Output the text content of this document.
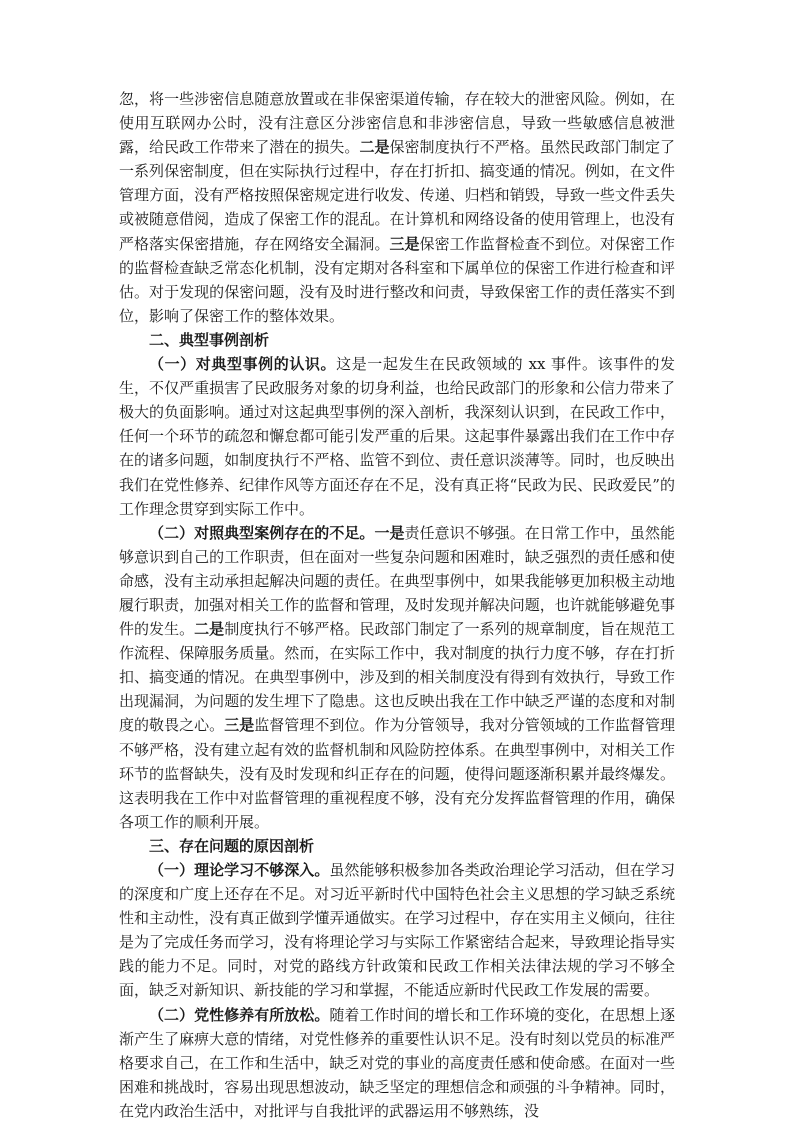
忽，将一些涉密信息随意放置或在非保密渠道传输，存在较大的泄密风险。例如，在使用互联网办公时，没有注意区分涉密信息和非涉密信息，导致一些敏感信息被泄露，给民政工作带来了潜在的损失。二是保密制度执行不严格。虽然民政部门制定了一系列保密制度，但在实际执行过程中，存在打折扣、搞变通的情况。例如，在文件管理方面，没有严格按照保密规定进行收发、传递、归档和销毁，导致一些文件丢失或被随意借阅，造成了保密工作的混乱。在计算机和网络设备的使用管理上，也没有严格落实保密措施，存在网络安全漏洞。三是保密工作监督检查不到位。对保密工作的监督检查缺乏常态化机制，没有定期对各科室和下属单位的保密工作进行检查和评估。对于发现的保密问题，没有及时进行整改和问责，导致保密工作的责任落实不到位，影响了保密工作的整体效果。

二、典型事例剖析

（一）对典型事例的认识。这是一起发生在民政领域的 xx 事件。该事件的发生，不仅严重损害了民政服务对象的切身利益，也给民政部门的形象和公信力带来了极大的负面影响。通过对这起典型事例的深入剖析，我深刻认识到，在民政工作中，任何一个环节的疏忽和懈怠都可能引发严重的后果。这起事件暴露出我们在工作中存在的诸多问题，如制度执行不严格、监管不到位、责任意识淡薄等。同时，也反映出我们在党性修养、纪律作风等方面还存在不足，没有真正将“民政为民、民政爱民”的工作理念贯穿到实际工作中。

（二）对照典型案例存在的不足。一是责任意识不够强。在日常工作中，虽然能够意识到自己的工作职责，但在面对一些复杂问题和困难时，缺乏强烈的责任感和使命感，没有主动承担起解决问题的责任。在典型事例中，如果我能够更加积极主动地履行职责，加强对相关工作的监督和管理，及时发现并解决问题，也许就能够避免事件的发生。二是制度执行不够严格。民政部门制定了一系列的规章制度，旨在规范工作流程、保障服务质量。然而，在实际工作中，我对制度的执行力度不够，存在打折扣、搞变通的情况。在典型事例中，涉及到的相关制度没有得到有效执行，导致工作出现漏洞，为问题的发生埋下了隐患。这也反映出我在工作中缺乏严谨的态度和对制度的敬畏之心。三是监督管理不到位。作为分管领导，我对分管领域的工作监督管理不够严格，没有建立起有效的监督机制和风险防控体系。在典型事例中，对相关工作环节的监督缺失，没有及时发现和纠正存在的问题，使得问题逐渐积累并最终爆发。这表明我在工作中对监督管理的重视程度不够，没有充分发挥监督管理的作用，确保各项工作的顺利开展。

三、存在问题的原因剖析

（一）理论学习不够深入。虽然能够积极参加各类政治理论学习活动，但在学习的深度和广度上还存在不足。对习近平新时代中国特色社会主义思想的学习缺乏系统性和主动性，没有真正做到学懂弄通做实。在学习过程中，存在实用主义倾向，往往是为了完成任务而学习，没有将理论学习与实际工作紧密结合起来，导致理论指导实践的能力不足。同时，对党的路线方针政策和民政工作相关法律法规的学习不够全面，缺乏对新知识、新技能的学习和掌握，不能适应新时代民政工作发展的需要。

（二）党性修养有所放松。随着工作时间的增长和工作环境的变化，在思想上逐渐产生了麻痹大意的情绪，对党性修养的重要性认识不足。没有时刻以党员的标准严格要求自己，在工作和生活中，缺乏对党的事业的高度责任感和使命感。在面对一些困难和挑战时，容易出现思想波动，缺乏坚定的理想信念和顽强的斗争精神。同时，在党内政治生活中，对批评与自我批评的武器运用不够熟练，没
